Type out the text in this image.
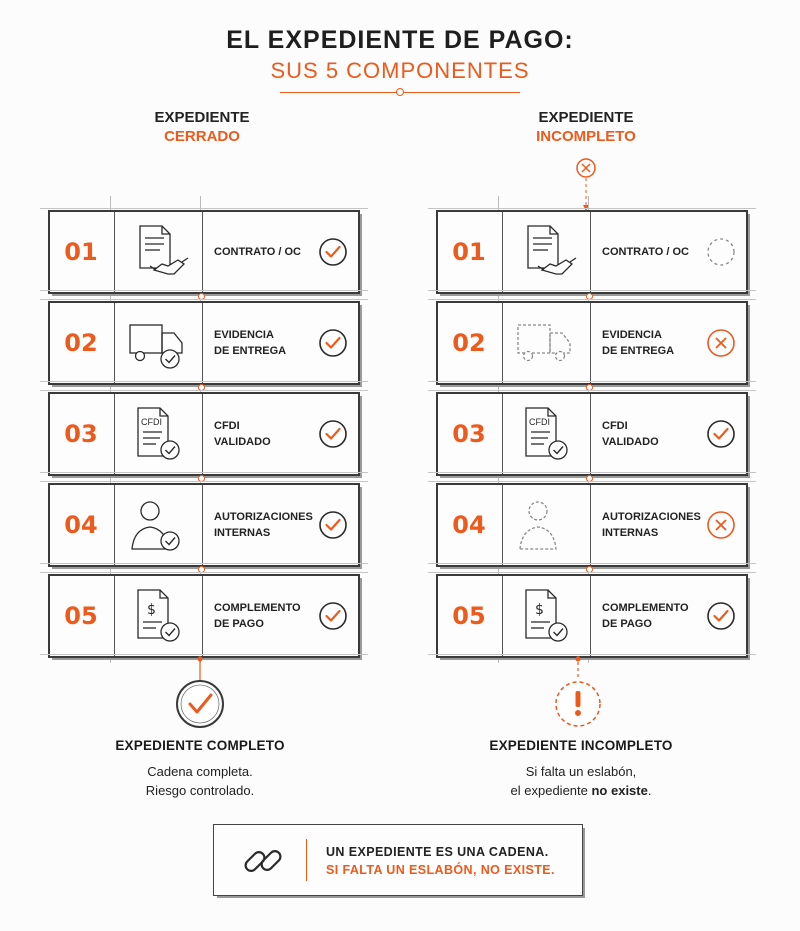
EL EXPEDIENTE DE PAGO:
SUS 5 COMPONENTES
EXPEDIENTE
CERRADO
EXPEDIENTE
INCOMPLETO
01	CONTRATO / OC
02	EVIDENCIA
DE ENTREGA
03	CFDI	CFDI
VALIDADO
04	AUTORIZACIONES
INTERNAS
05	$	COMPLEMENTO
DE PAGO
01	CONTRATO / OC
02	EVIDENCIA
DE ENTREGA
03	CFDI	CFDI
VALIDADO
04	AUTORIZACIONES
INTERNAS
05	$	COMPLEMENTO
DE PAGO
EXPEDIENTE COMPLETO
Cadena completa.
Riesgo controlado.
EXPEDIENTE INCOMPLETO
Si falta un eslabón,
el expediente no existe.
UN EXPEDIENTE ES UNA CADENA.
SI FALTA UN ESLABÓN, NO EXISTE.
